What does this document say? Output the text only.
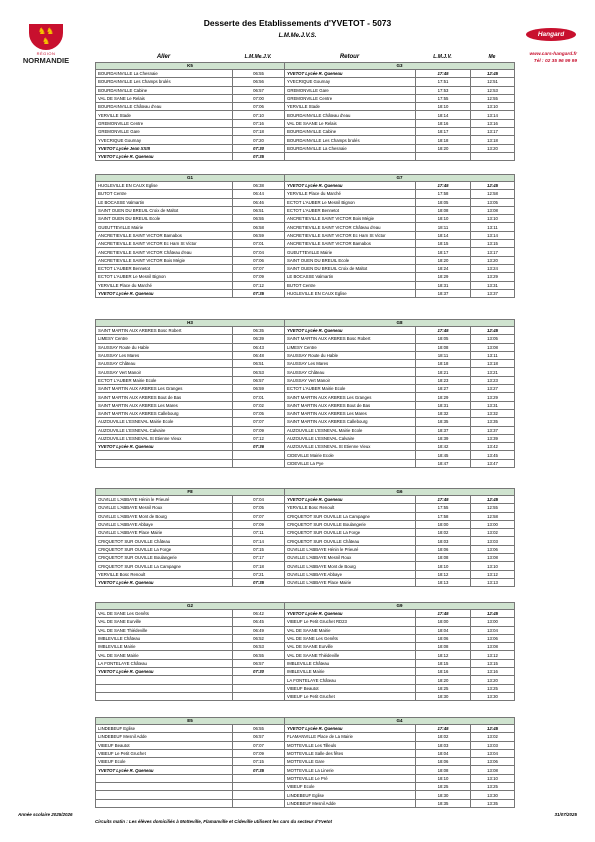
♞♞
♞
RÉGION
NORMANDIE
Desserte des Etablissements d'YVETOT - 5073
L.M.Me.J.V.S.	Hangard
www.cars-hangard.fr
Tél : 02 35 96 99 99
Aller	L.M.Me.J.V.	Retour	L.M.J.V.	Me
K5		G3		
BOURDAINVILLE La Chesnaie	06:55	YVETOT Lycée R. Queneau	17:45	12:45
BOURDAINVILLE Les Champs brulés	06:56	YVECRIQUE Gournay	17:51	12:51
BOURDAINVILLE Cabine	06:57	GREMONVILLE Gare	17:53	12:53
VAL DE SANE Le Relais	07:00	GREMONVILLE Centre	17:55	12:55
BOURDAINVILLE Château d'eau	07:06	YERVILLE Stade	18:10	13:10
YERVILLE Stade	07:10	BOURDAINVILLE Château d'eau	18:14	13:14
GREMONVILLE Centre	07:16	VAL DE SAANE Le Relais	18:16	13:16
GREMONVILLE Gare	07:18	BOURDAINVILLE Cabine	18:17	13:17
YVECRIQUE Gournay	07:20	BOURDAINVILLE Les Champs brulés	18:18	13:18
YVETOT Lycée Jean XXIII	07:30	BOURDAINVILLE La Chesnaie	18:20	13:20
YVETOT Lycée R. Queneau	07:35			
G1		G7		
HUGLEVILLE EN CAUX Eglise	06:38	YVETOT Lycée R. Queneau	17:45	12:45
BUTOT Centre	06:44	YERVILLE Place du Marché	17:58	12:58
LE BOCASSE Valmartin	06:46	ECTOT L'AUBER Le Mesnil Bignon	18:05	13:05
SAINT OUEN DU BREUIL Croix de Maltot	06:51	ECTOT L'AUBER Bennetot	18:08	13:08
SAINT OUEN DU BREUIL Ecole	06:55	ANCRETIEVILLE SAINT VICTOR Bois Mégie	18:10	13:10
GUEUTTEVILLE Mairie	06:58	ANCRETIEVILLE SAINT VICTOR Château d'eau	18:11	13:11
ANCRETIEVILLE SAINT VICTOR Bamabos	06:59	ANCRETIEVILLE SAINT VICTOR Ec Harn St Victor	18:14	13:14
ANCRETIEVILLE SAINT VICTOR Ec Harn St Victor	07:01	ANCRETIEVILLE SAINT VICTOR Bamabos	18:15	13:15
ANCRETIEVILLE SAINT VICTOR Château d'eau	07:04	GUEUTTEVILLE Mairie	18:17	13:17
ANCRETIEVILLE SAINT VICTOR Bois Mégie	07:06	SAINT OUEN DU BREUIL Ecole	18:20	13:20
ECTOT L'AUBER Bennetot	07:07	SAINT OUEN DU BREUIL Croix de Maltot	18:24	13:24
ECTOT L'AUBER Le Mesnil Bignon	07:09	LE BOCASSE Valmartin	18:29	13:29
YERVILLE Place du Marché	07:12	BUTOT Centre	18:31	13:31
YVETOT Lycée R. Queneau	07:35	HUGLEVILLE EN CAUX Eglise	18:37	13:37
H3		G8		
SAINT MARTIN AUX ARBRES Bosc Robert	06:35	YVETOT Lycée R. Queneau	17:45	12:45
LIMESY Centre	06:39	SAINT MARTIN AUX ARBRES Bosc Robert	18:05	13:05
SAUSSAY Route du Hable	06:43	LIMESY Centre	18:08	13:08
SAUSSAY Les Mares	06:48	SAUSSAY Route du Hable	18:11	13:11
SAUSSAY Château	06:51	SAUSSAY Les Mares	18:18	13:18
SAUSSAY Vert Manoir	06:53	SAUSSAY Château	18:21	13:21
ECTOT L'AUBER Mairie Ecole	06:57	SAUSSAY Vert Manoir	18:23	13:23
SAINT MARTIN AUX ARBRES Les Granges	06:59	ECTOT L'AUBER Mairie Ecole	18:27	13:27
SAINT MARTIN AUX ARBRES Bout de Bas	07:01	SAINT MARTIN AUX ARBRES Les Granges	18:29	13:29
SAINT MARTIN AUX ARBRES Les Mares	07:02	SAINT MARTIN AUX ARBRES Bout de Bas	18:31	13:31
SAINT MARTIN AUX ARBRES Callebourg	07:05	SAINT MARTIN AUX ARBRES Les Mares	18:32	13:32
AUZOUVILLE L'ESNEVAL Mairie Ecole	07:07	SAINT MARTIN AUX ARBRES Callebourg	18:35	13:35
AUZOUVILLE L'ESNEVAL Calvaire	07:09	AUZOUVILLE L'ESNEVAL Mairie Ecole	18:37	13:37
AUZOUVILLE L'ESNEVAL St Etienne Vieux	07:12	AUZOUVILLE L'ESNEVAL Calvaire	18:39	13:39
YVETOT Lycée R. Queneau	07:36	AUZOUVILLE L'ESNEVAL St Etienne Vieux	18:42	13:42
		CIDEVILLE Mairie Ecole	18:45	13:45
		CIDEVILLE La Pye	18:47	13:47
F8		G6		
OUVILLE L'ABBAYE Hénin le Prieuré	07:04	YVETOT Lycée R. Queneau	17:45	12:45
OUVILLE L'ABBAYE Mesnil Roux	07:05	YERVILLE Bosc Renoult	17:55	12:55
OUVILLE L'ABBAYE Mont de Bourg	07:07	CRIQUETOT SUR OUVILLE La Campagne	17:58	12:58
OUVILLE L'ABBAYE Abbaye	07:09	CRIQUETOT SUR OUVILLE Boulangerie	18:00	13:00
OUVILLE L'ABBAYE Place Mairie	07:11	CRIQUETOT SUR OUVILLE La Forge	18:02	13:02
CRIQUETOT SUR OUVILLE Château	07:14	CRIQUETOT SUR OUVILLE Château	18:03	13:03
CRIQUETOT SUR OUVILLE La Forge	07:15	OUVILLE L'ABBAYE Hénin le Prieuré	18:06	13:06
CRIQUETOT SUR OUVILLE Boulangerie	07:17	OUVILLE L'ABBAYE Mesnil Roux	18:08	13:08
CRIQUETOT SUR OUVILLE La Campagne	07:18	OUVILLE L'ABBAYE Mont de Bourg	18:10	13:10
YERVILLE Bosc Renoult	07:21	OUVILLE L'ABBAYE Abbaye	18:12	13:12
YVETOT Lycée R. Queneau	07:35	OUVILLE L'ABBAYE Place Mairie	18:13	13:13
G2		G9		
VAL DE SANE Les Genêts	06:42	YVETOT Lycée R. Queneau	17:45	12:45
VAL DE SANE Eurville	06:45	VIBEUF Le Petit Gruchet RD23	18:00	13:00
VAL DE SANE Thiédeville	06:49	VAL DE SAANE Mairie	18:04	13:04
IMBLEVILLE Château	06:52	VAL DE SANE Les Genêts	18:06	13:06
IMBLEVILLE Mairie	06:53	VAL DE SAANE Eurville	18:08	13:08
VAL DE SANE Mairie	06:55	VAL DE SAANE Thiédeville	18:12	13:12
LA FONTELAYE Château	06:57	IMBLEVILLE Château	18:15	13:15
YVETOT Lycée R. Queneau	07:30	IMBLEVILLE Mairie	18:16	13:16
		LA FONTELAYE Château	18:20	13:20
		VIBEUF Beautot	18:25	13:25
		VIBEUF Le Petit Gruchet	18:30	13:30
E5		G4		
LINDEBEUF Eglise	06:55	YVETOT Lycée R. Queneau	17:45	12:45
LINDEBEUF Mesnil Adde	06:57	FLAMANVILLE Place de La Mairie	18:02	13:02
VIBEUF Beautot	07:07	MOTTEVILLE Les Tilleuls	18:03	13:03
VIBEUF Le Petit Gruchet	07:09	MOTTEVILLE Salle des fêtes	18:04	13:04
VIBEUF Ecole	07:15	MOTTEVILLE Gare	18:06	13:06
YVETOT Lycée R. Queneau	07:35	MOTTEVILLE La Linerie	18:08	13:08
		MOTTEVILLE Le Pré	18:10	13:10
		VIBEUF Ecole	18:25	13:25
		LINDEBEUF Eglise	18:30	13:30
		LINDEBEUF Mesnil Adde	18:35	13:35
Année scolaire 2025/2026	31/07/2025
Circuits matin : Les élèves domiciliés à Motteville, Flamanville et Cideville utilisent les cars du secteur d'Yvetot
